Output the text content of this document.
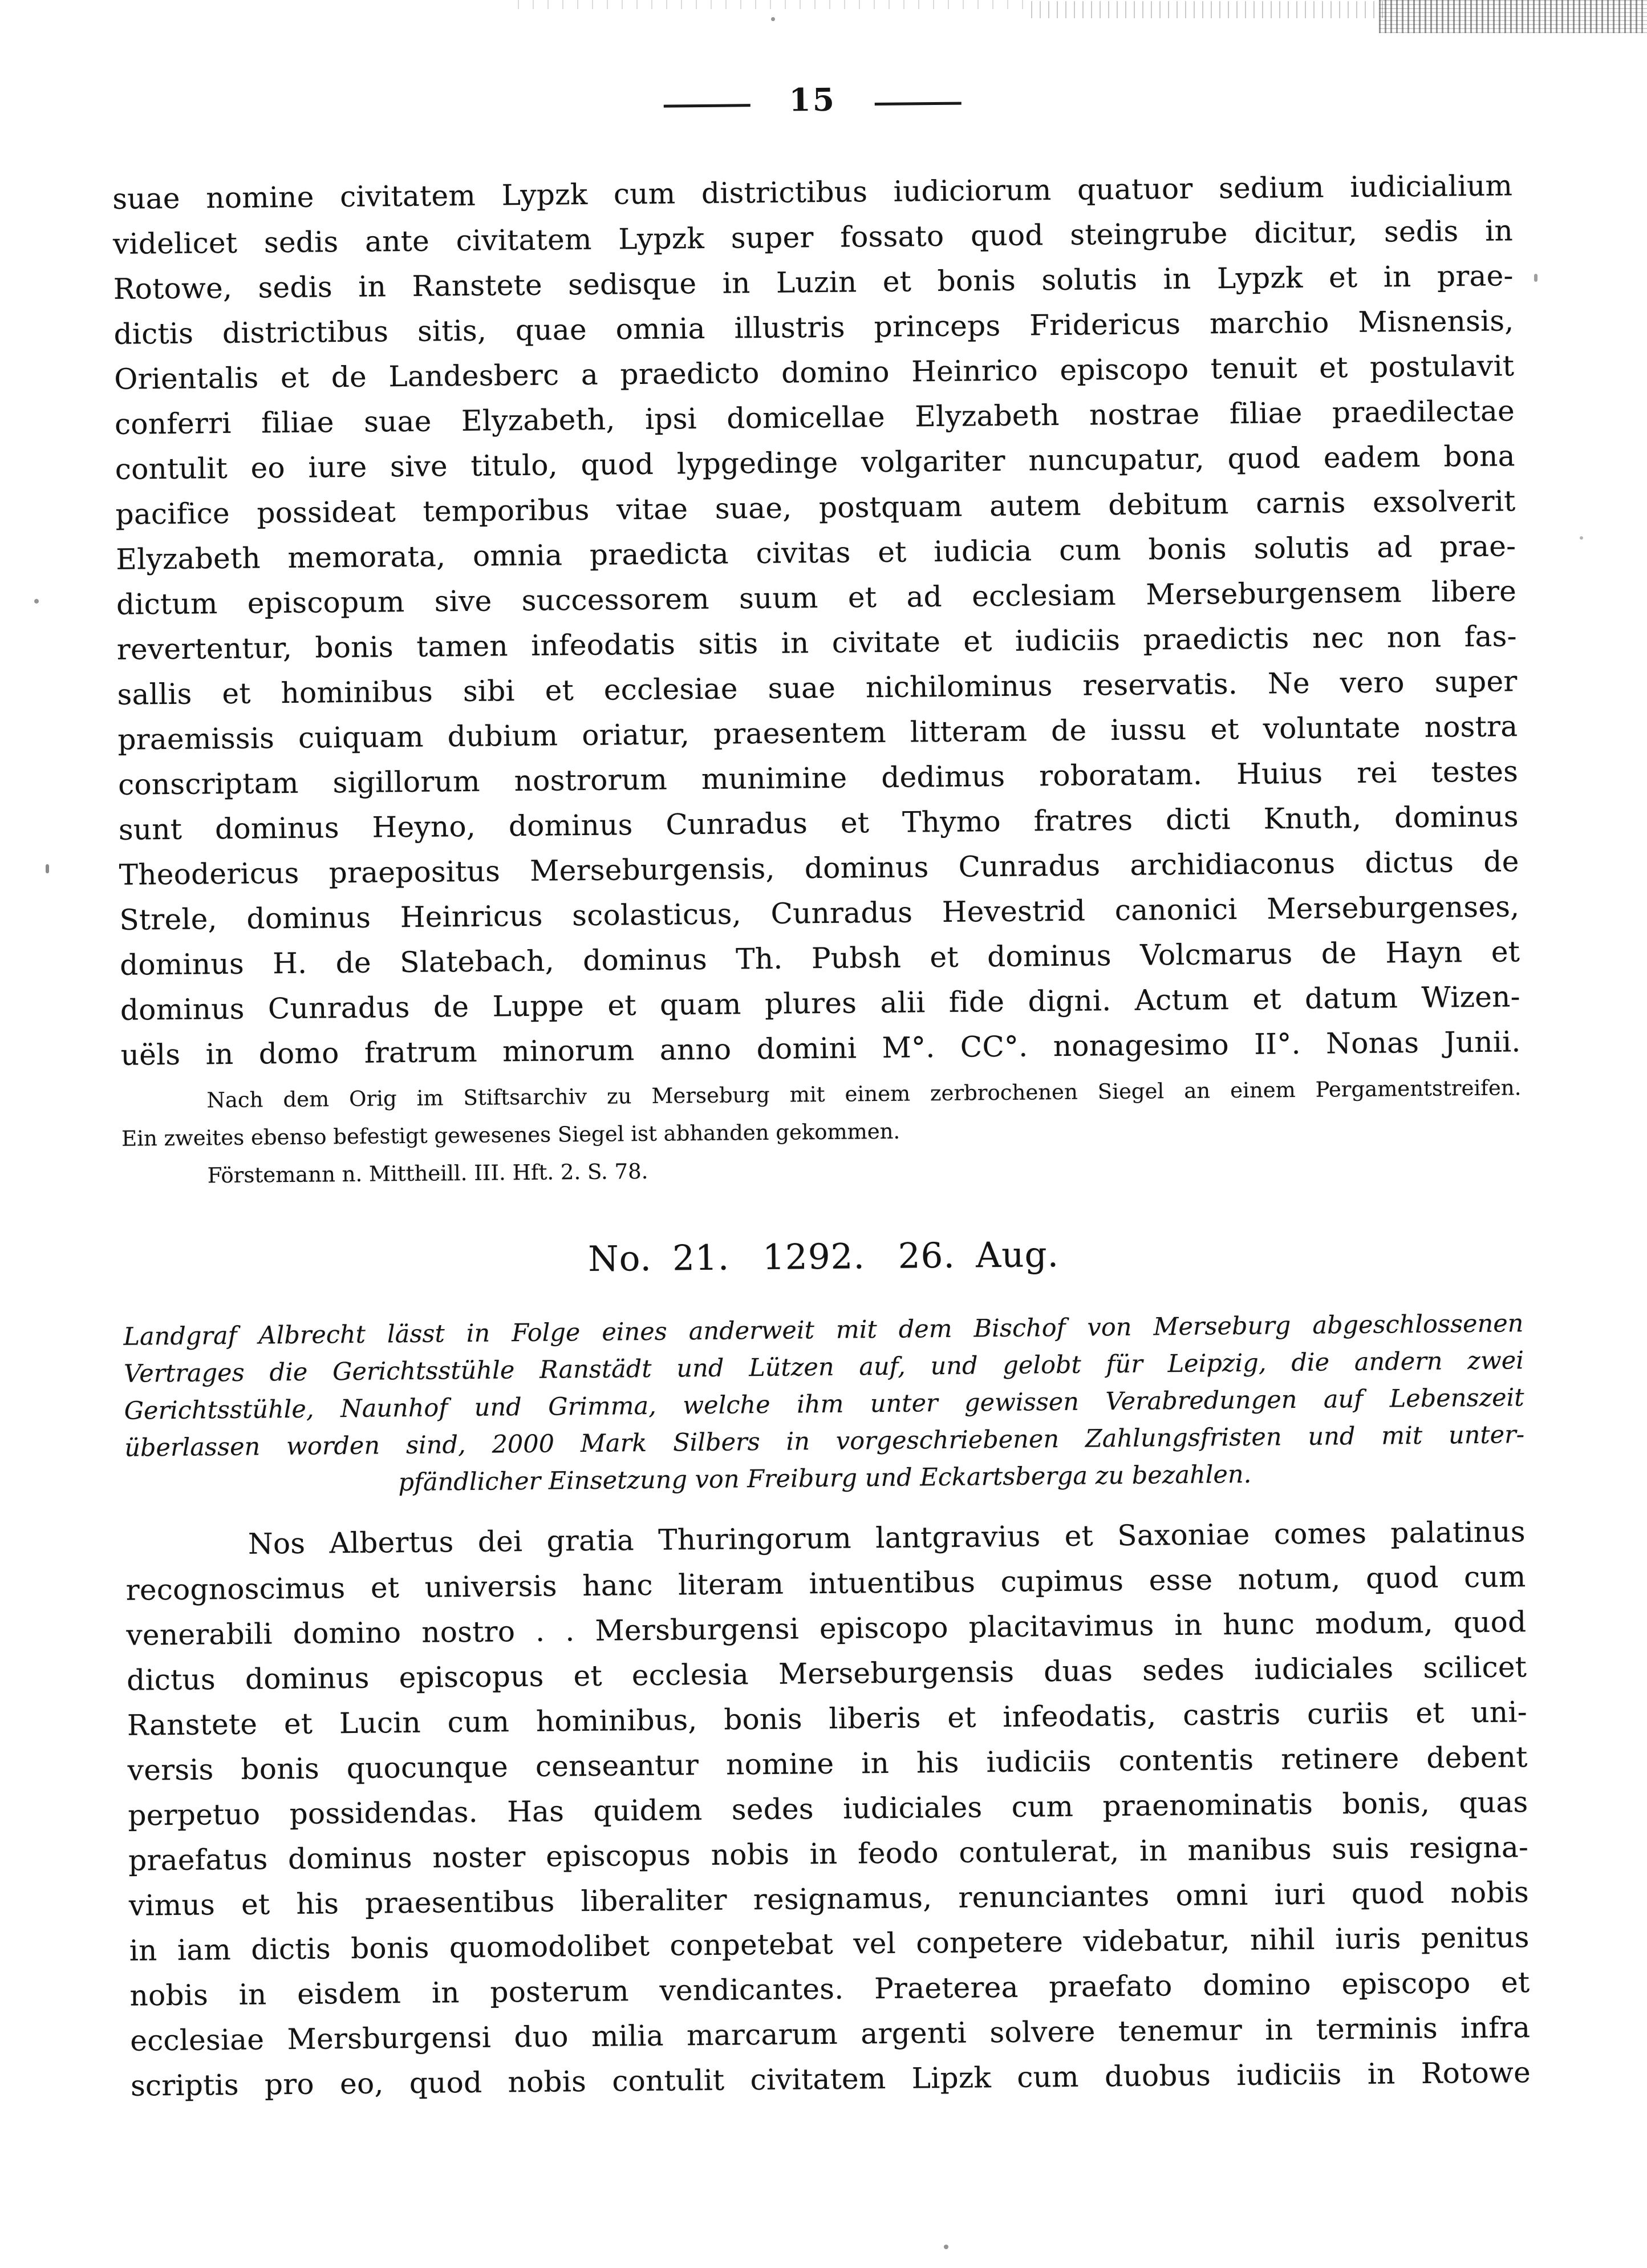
15
suae nomine civitatem Lypzk cum districtibus iudiciorum quatuor sedium iudicialium
videlicet sedis ante civitatem Lypzk super fossato quod steingrube dicitur, sedis in
Rotowe, sedis in Ranstete sedisque in Luzin et bonis solutis in Lypzk et in prae-
dictis districtibus sitis, quae omnia illustris princeps Fridericus marchio Misnensis,
Orientalis et de Landesberc a praedicto domino Heinrico episcopo tenuit et postulavit
conferri filiae suae Elyzabeth, ipsi domicellae Elyzabeth nostrae filiae praedilectae
contulit eo iure sive titulo, quod lypgedinge volgariter nuncupatur, quod eadem bona
pacifice possideat temporibus vitae suae, postquam autem debitum carnis exsolverit
Elyzabeth memorata, omnia praedicta civitas et iudicia cum bonis solutis ad prae-
dictum episcopum sive successorem suum et ad ecclesiam Merseburgensem libere
revertentur, bonis tamen infeodatis sitis in civitate et iudiciis praedictis nec non fas-
sallis et hominibus sibi et ecclesiae suae nichilominus reservatis. Ne vero super
praemissis cuiquam dubium oriatur, praesentem litteram de iussu et voluntate nostra
conscriptam sigillorum nostrorum munimine dedimus roboratam. Huius rei testes
sunt dominus Heyno, dominus Cunradus et Thymo fratres dicti Knuth, dominus
Theodericus praepositus Merseburgensis, dominus Cunradus archidiaconus dictus de
Strele, dominus Heinricus scolasticus, Cunradus Hevestrid canonici Merseburgenses,
dominus H. de Slatebach, dominus Th. Pubsh et dominus Volcmarus de Hayn et
dominus Cunradus de Luppe et quam plures alii fide digni. Actum et datum Wizen-
uëls in domo fratrum minorum anno domini M°. CC°. nonagesimo II°. Nonas Junii.
Nach dem Orig im Stiftsarchiv zu Merseburg mit einem zerbrochenen Siegel an einem Pergamentstreifen.
Ein zweites ebenso befestigt gewesenes Siegel ist abhanden gekommen.
Förstemann n. Mittheill. III. Hft. 2. S. 78.
No. 21. 1292. 26. Aug.
Landgraf Albrecht lässt in Folge eines anderweit mit dem Bischof von Merseburg abgeschlossenen
Vertrages die Gerichtsstühle Ranstädt und Lützen auf, und gelobt für Leipzig, die andern zwei
Gerichtsstühle, Naunhof und Grimma, welche ihm unter gewissen Verabredungen auf Lebenszeit
überlassen worden sind, 2000 Mark Silbers in vorgeschriebenen Zahlungsfristen und mit unter-
pfändlicher Einsetzung von Freiburg und Eckartsberga zu bezahlen.
Nos Albertus dei gratia Thuringorum lantgravius et Saxoniae comes palatinus
recognoscimus et universis hanc literam intuentibus cupimus esse notum, quod cum
venerabili domino nostro . . Mersburgensi episcopo placitavimus in hunc modum, quod
dictus dominus episcopus et ecclesia Merseburgensis duas sedes iudiciales scilicet
Ranstete et Lucin cum hominibus, bonis liberis et infeodatis, castris curiis et uni-
versis bonis quocunque censeantur nomine in his iudiciis contentis retinere debent
perpetuo possidendas. Has quidem sedes iudiciales cum praenominatis bonis, quas
praefatus dominus noster episcopus nobis in feodo contulerat, in manibus suis resigna-
vimus et his praesentibus liberaliter resignamus, renunciantes omni iuri quod nobis
in iam dictis bonis quomodolibet conpetebat vel conpetere videbatur, nihil iuris penitus
nobis in eisdem in posterum vendicantes. Praeterea praefato domino episcopo et
ecclesiae Mersburgensi duo milia marcarum argenti solvere tenemur in terminis infra
scriptis pro eo, quod nobis contulit civitatem Lipzk cum duobus iudiciis in Rotowe
